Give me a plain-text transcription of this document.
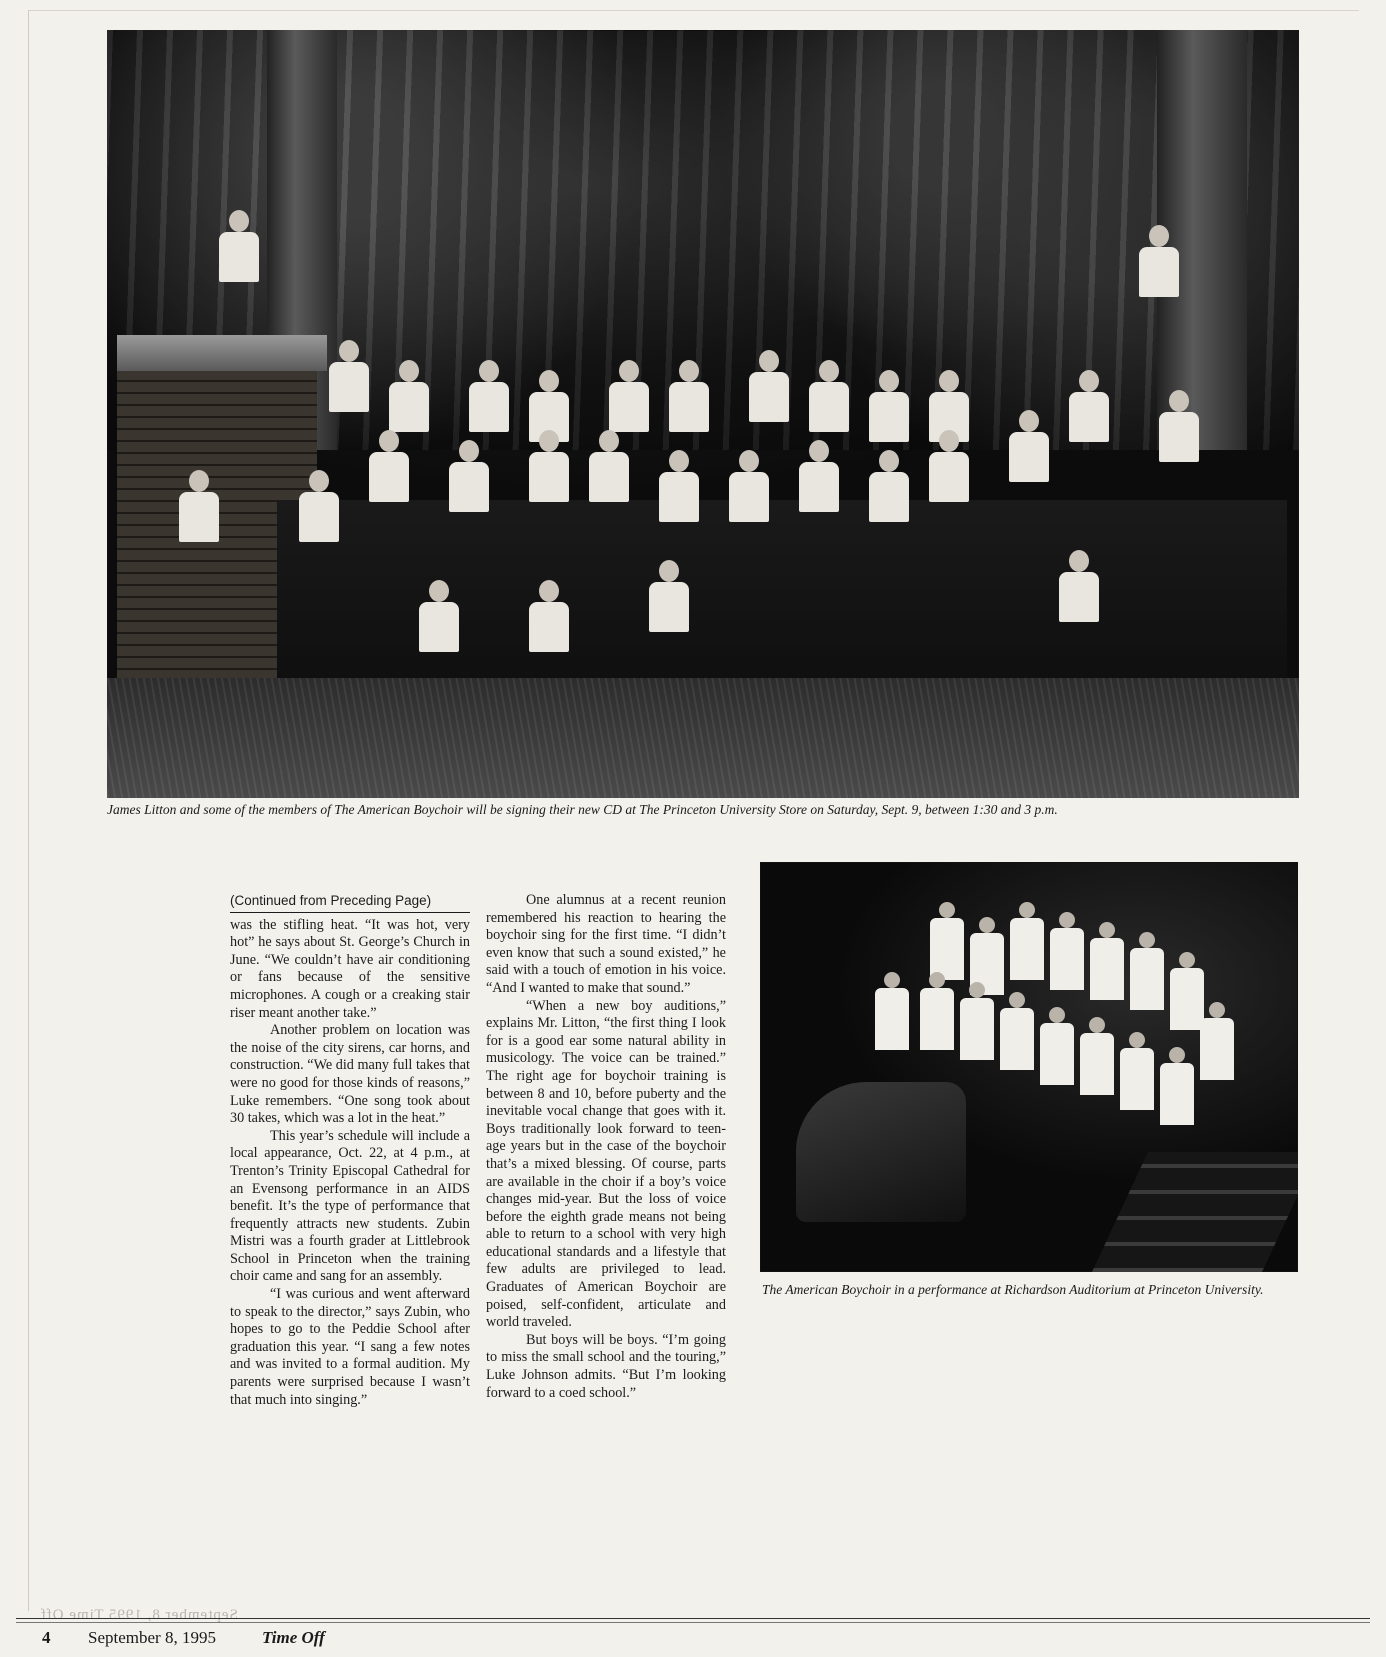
James Litton and some of the members of The American Boychoir will be signing their new CD at The Princeton University Store on Saturday, Sept. 9, between 1:30 and 3 p.m.
The American Boychoir in a performance at Richardson Auditorium at Princeton University.

(Continued from Preceding Page)

was the stifling heat. “It was hot, very hot” he says about St. George’s Church in June. “We couldn’t have air conditioning or fans because of the sensitive microphones. A cough or a creaking stair riser meant another take.”

Another problem on location was the noise of the city sirens, car horns, and construction. “We did many full takes that were no good for those kinds of reasons,” Luke remembers. “One song took about 30 takes, which was a lot in the heat.”

This year’s schedule will include a local appearance, Oct. 22, at 4 p.m., at Trenton’s Trinity Episcopal Cathedral for an Evensong performance in an AIDS benefit. It’s the type of performance that frequently attracts new students. Zubin Mistri was a fourth grader at Littlebrook School in Princeton when the training choir came and sang for an assembly.

“I was curious and went afterward to speak to the director,” says Zubin, who hopes to go to the Peddie School after graduation this year. “I sang a few notes and was invited to a formal audition. My parents were surprised because I wasn’t that much into singing.”

One alumnus at a recent reunion remembered his reaction to hearing the boychoir sing for the first time. “I didn’t even know that such a sound existed,” he said with a touch of emotion in his voice. “And I wanted to make that sound.”

“When a new boy auditions,” explains Mr. Litton, “the first thing I look for is a good ear some natural ability in musicology. The voice can be trained.” The right age for boychoir training is between 8 and 10, before puberty and the inevitable vocal change that goes with it. Boys traditionally look forward to teen-age years but in the case of the boychoir that’s a mixed blessing. Of course, parts are available in the choir if a boy’s voice changes mid-year. But the loss of voice before the eighth grade means not being able to return to a school with very high educational standards and a lifestyle that few adults are privileged to lead. Graduates of American Boychoir are poised, self-confident, articulate and world traveled.

But boys will be boys. “I’m going to miss the small school and the touring,” Luke Johnson admits. “But I’m looking forward to a coed school.”

September 8, 1995 Time Off
4 September 8, 1995	Time Off
